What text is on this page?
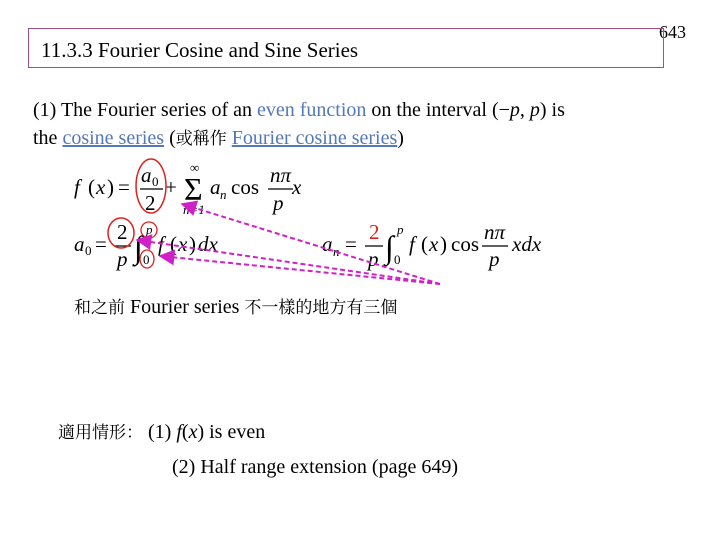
643
11.3.3 Fourier Cosine and Sine Series
(1) The Fourier series of an even function on the interval (−p, p) is
the cosine series (或稱作 Fourier cosine series)
f ( x ) = a 0
2
+ Σ
∞
n=1
a n cos nπ
p
x
a 0 = 2
p ∫ p
0
f ( x ) dx	a n = 2
p ∫ p
0
f ( x ) cos nπ
p
xdx
和之前 Fourier series 不一樣的地方有三個
適用情形： (1) f(x) is even
(2) Half range extension (page 649)
